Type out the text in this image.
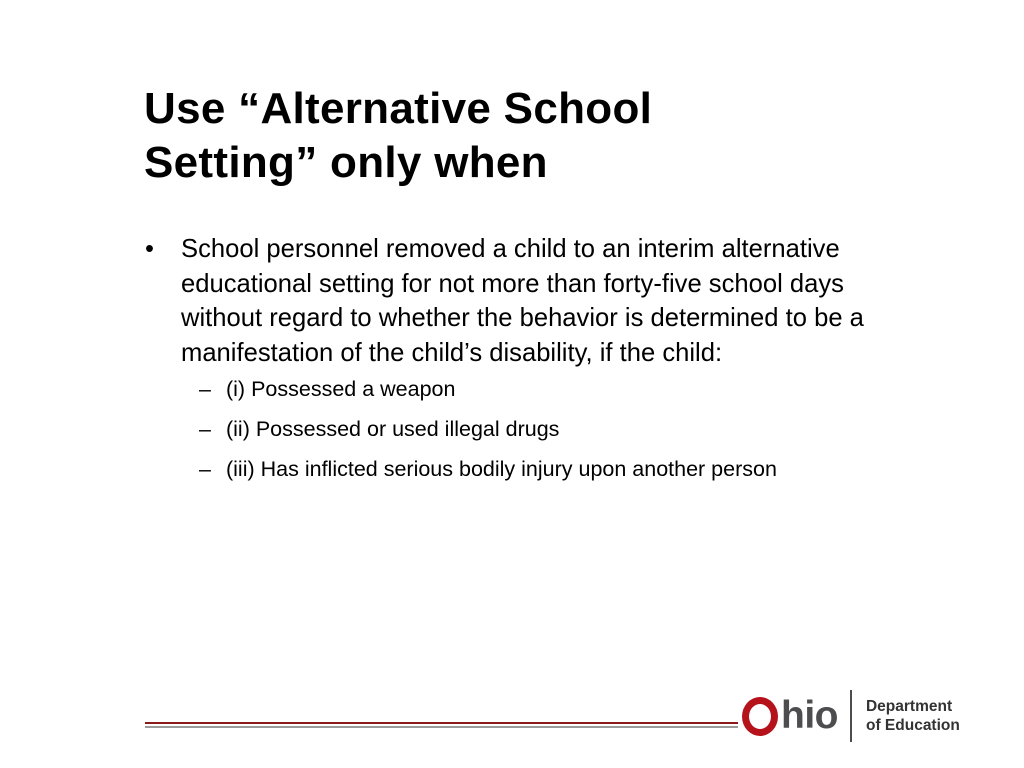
Use “Alternative School
Setting” only when
• School personnel removed a child to an interim alternative educational setting for not more than forty-five school days without regard to whether the behavior is determined to be a manifestation of the child’s disability, if the child:
– (i) Possessed a weapon
– (ii) Possessed or used illegal drugs
– (iii) Has inflicted serious bodily injury upon another person
hio Department
of Education
